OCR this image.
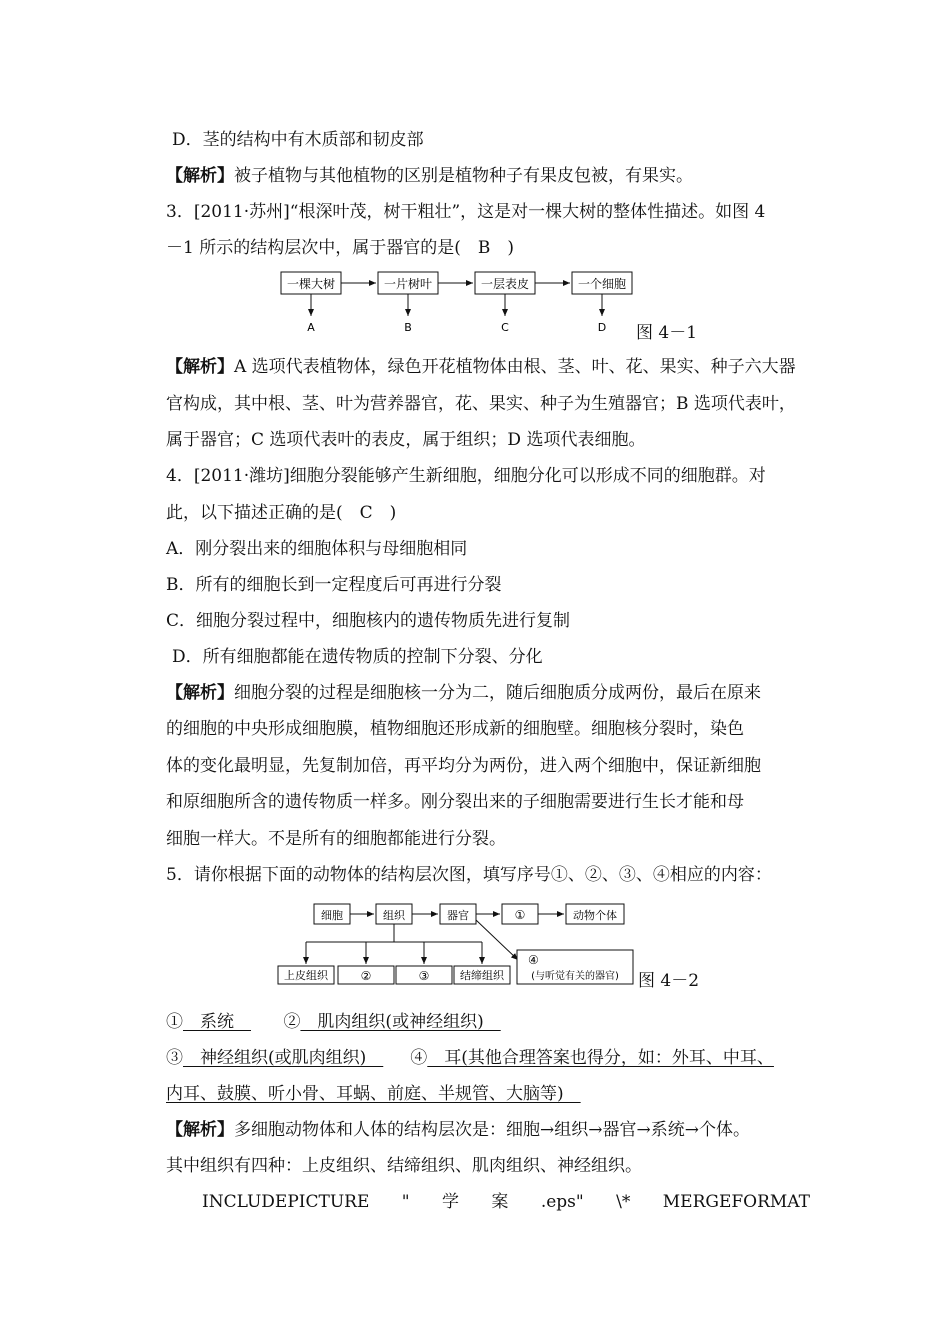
D．茎的结构中有木质部和韧皮部
【解析】被子植物与其他植物的区别是植物种子有果皮包被，有果实。
3．[2011·苏州]“根深叶茂，树干粗壮”，这是对一棵大树的整体性描述。如图 4
－1 所示的结构层次中，属于器官的是(　B　)
一棵大树	一片树叶	一层表皮	一个细胞
A	B	C	D 图 4－1
【解析】A 选项代表植物体，绿色开花植物体由根、茎、叶、花、果实、种子六大器
官构成，其中根、茎、叶为营养器官，花、果实、种子为生殖器官；B 选项代表叶，
属于器官；C 选项代表叶的表皮，属于组织；D 选项代表细胞。
4．[2011·潍坊]细胞分裂能够产生新细胞，细胞分化可以形成不同的细胞群。对
此，以下描述正确的是(　C　)
A．刚分裂出来的细胞体积与母细胞相同
B．所有的细胞长到一定程度后可再进行分裂
C．细胞分裂过程中，细胞核内的遗传物质先进行复制
D．所有细胞都能在遗传物质的控制下分裂、分化
【解析】细胞分裂的过程是细胞核一分为二，随后细胞质分成两份，最后在原来
的细胞的中央形成细胞膜，植物细胞还形成新的细胞壁。细胞核分裂时，染色
体的变化最明显，先复制加倍，再平均分为两份，进入两个细胞中，保证新细胞
和原细胞所含的遗传物质一样多。刚分裂出来的子细胞需要进行生长才能和母
细胞一样大。不是所有的细胞都能进行分裂。
5．请你根据下面的动物体的结构层次图，填写序号①、②、③、④相应的内容：
细胞	组织	器官	①	动物个体
上皮组织	②	③	结缔组织
④
(与听觉有关的器官) 图 4－2
①　系统　      ②　肌肉组织(或神经组织)　
③　神经组织(或肌肉组织)　     ④　耳(其他合理答案也得分，如：外耳、中耳、
内耳、鼓膜、听小骨、耳蜗、前庭、半规管、大脑等)　
【解析】多细胞动物体和人体的结构层次是：细胞→组织→器官→系统→个体。
其中组织有四种：上皮组织、结缔组织、肌肉组织、神经组织。
INCLUDEPICTURE " 学 案 .eps" \* MERGEFORMAT
